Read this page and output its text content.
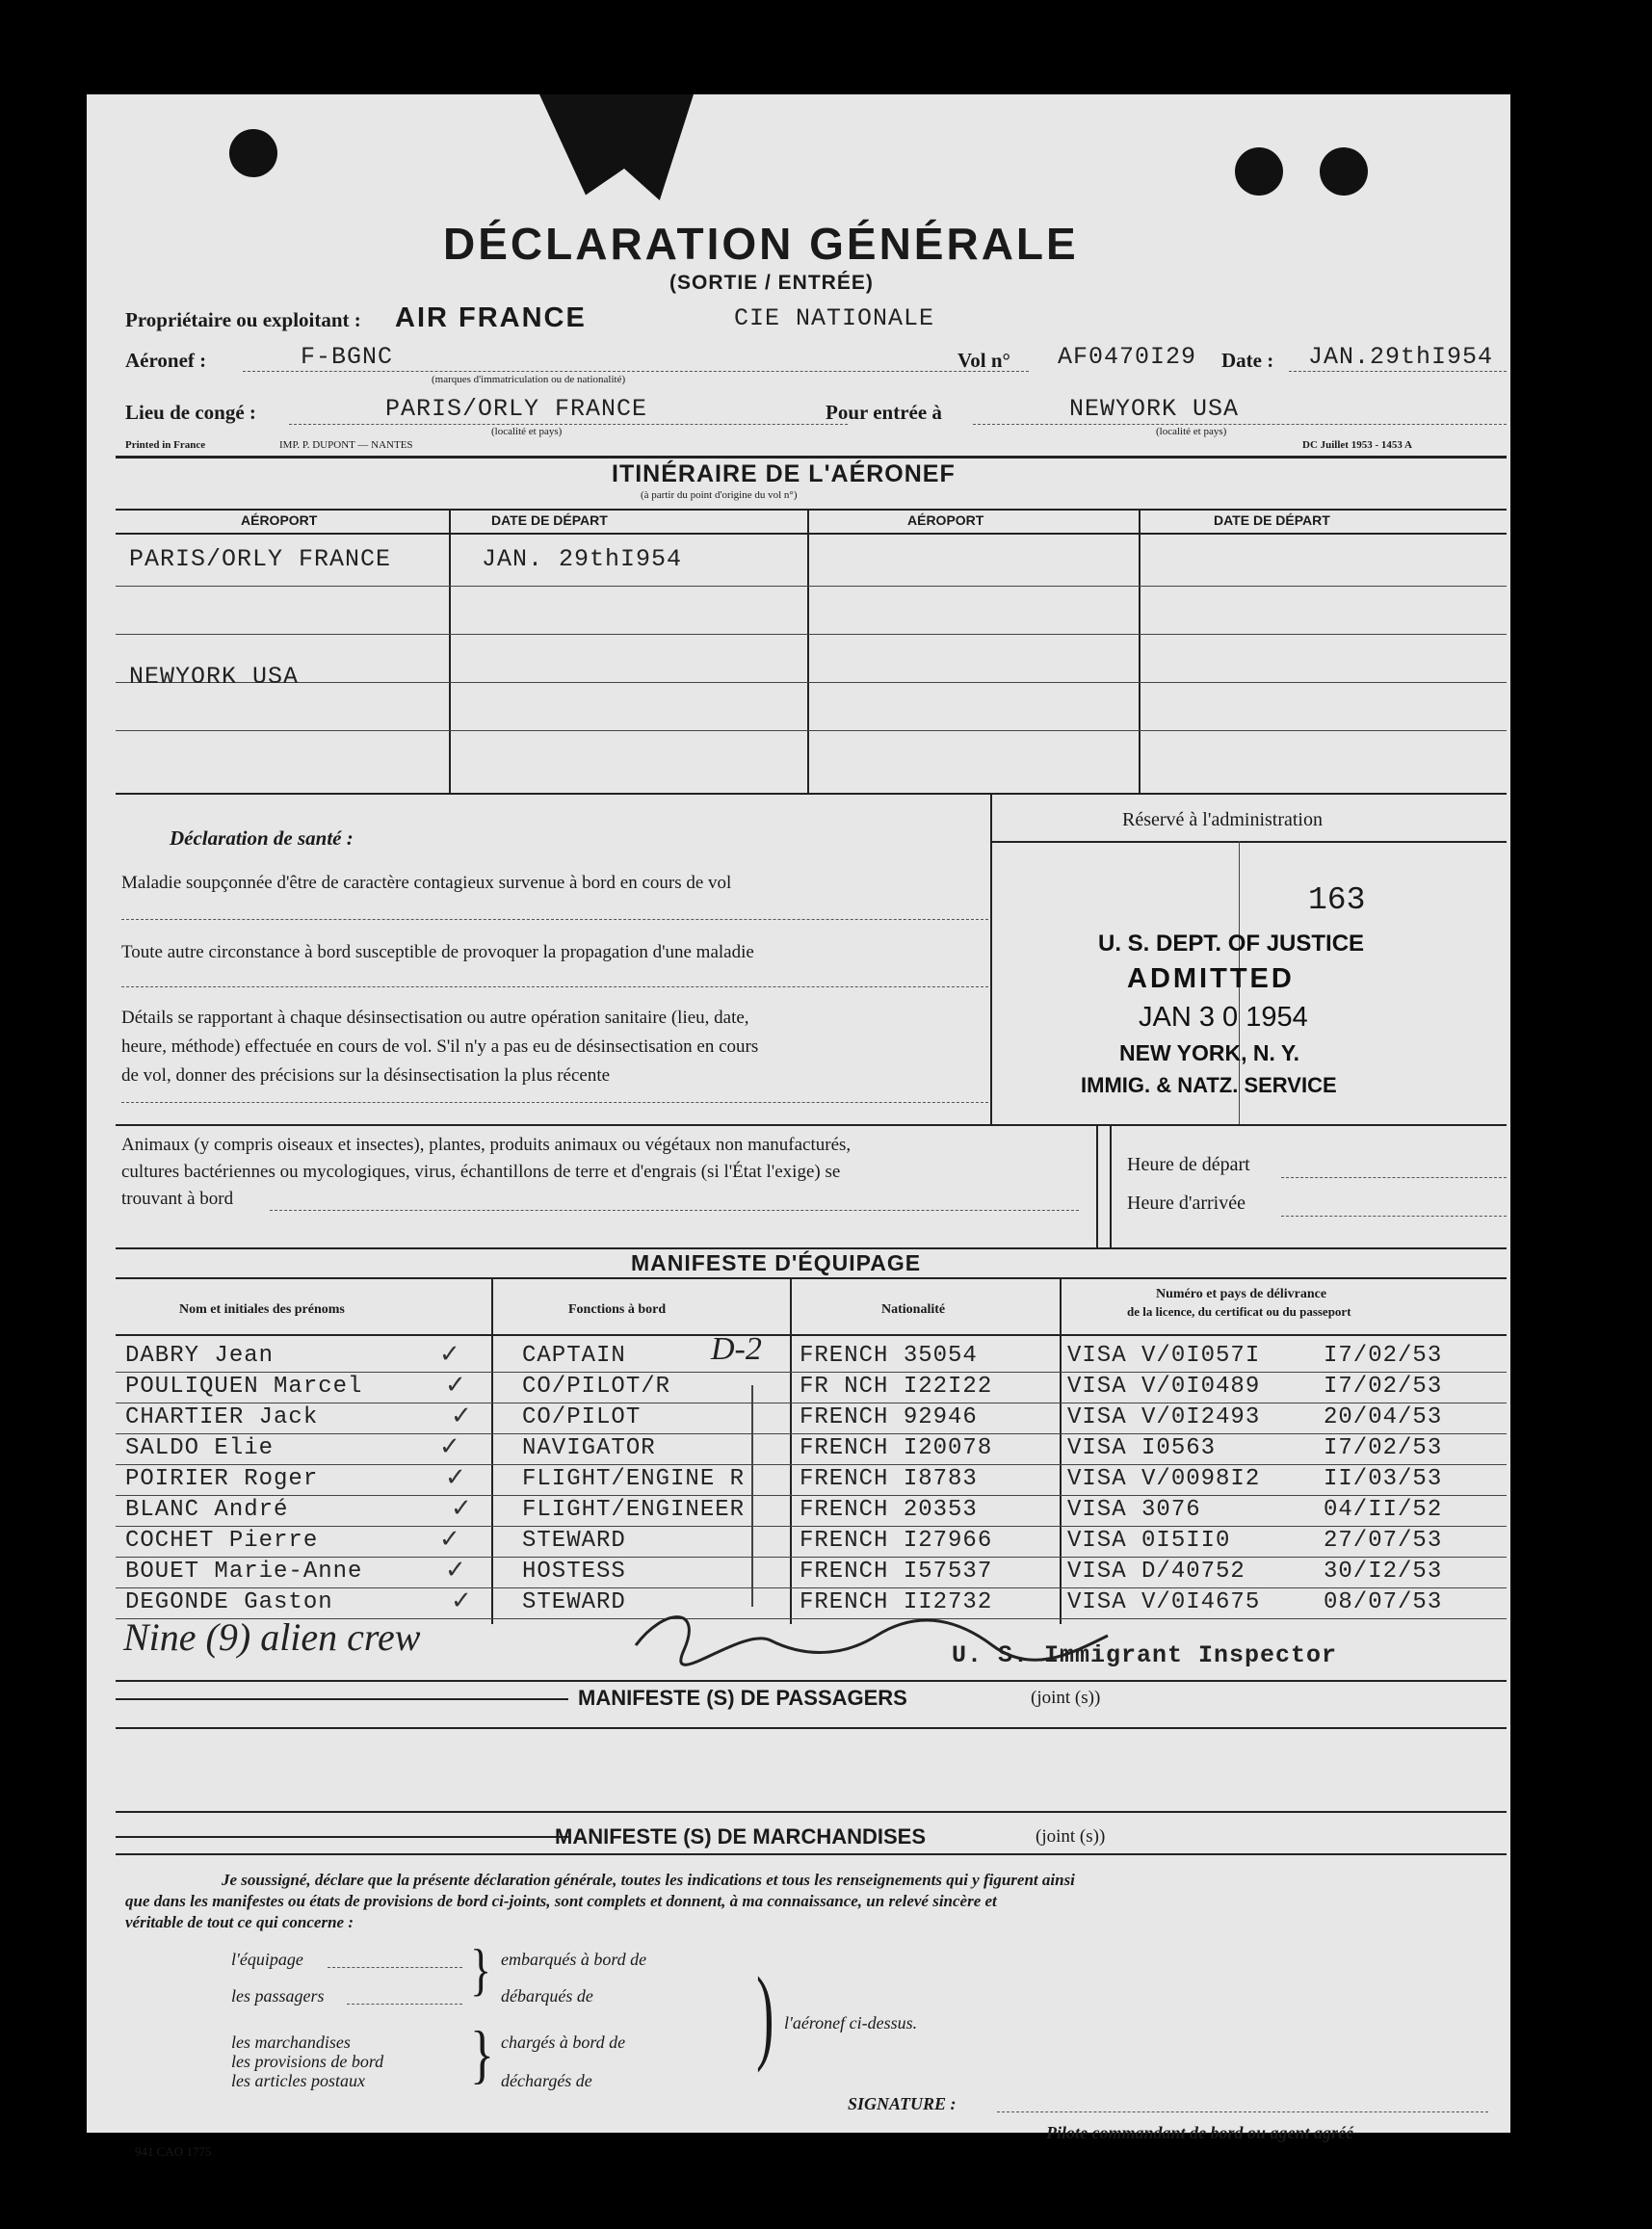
DÉCLARATION GÉNÉRALE
(SORTIE / ENTRÉE)
Propriétaire ou exploitant : AIR FRANCE	CIE NATIONALE
Aéronef :	F-BGNC
(marques d'immatriculation ou de nationalité)
Vol n° AF0470I29 Date : JAN.29thI954
Lieu de congé :	PARIS/ORLY FRANCE
(localité et pays)
Pour entrée à	NEWYORK USA
(localité et pays)
Printed in France	IMP. P. DUPONT — NANTES	DC Juillet 1953 - 1453 A
ITINÉRAIRE DE L'AÉRONEF
(à partir du point d'origine du vol n°)
AÉROPORT	DATE DE DÉPART	AÉROPORT	DATE DE DÉPART
PARIS/ORLY FRANCE	JAN. 29thI954
NEWYORK USA
Déclaration de santé :
Maladie soupçonnée d'être de caractère contagieux survenue à bord en cours de vol
Toute autre circonstance à bord susceptible de provoquer la propagation d'une maladie
Détails se rapportant à chaque désinsectisation ou autre opération sanitaire (lieu, date,
heure, méthode) effectuée en cours de vol. S'il n'y a pas eu de désinsectisation en cours
de vol, donner des précisions sur la désinsectisation la plus récente
Réservé à l'administration
163
U. S. DEPT. OF JUSTICE
ADMITTED
JAN 3 0 1954
NEW YORK, N. Y.
IMMIG. & NATZ. SERVICE
Animaux (y compris oiseaux et insectes), plantes, produits animaux ou végétaux non manufacturés,
cultures bactériennes ou mycologiques, virus, échantillons de terre et d'engrais (si l'État l'exige) se
trouvant à bord
Heure de départ
Heure d'arrivée
MANIFESTE D'ÉQUIPAGE
Nom et initiales des prénoms	Fonctions à bord	Nationalité
Numéro et pays de délivrance
de la licence, du certificat ou du passeport
DABRY Jean	CAPTAIN	FRENCH 35054	VISA V/0I057I	I7/02/53
✓
POULIQUEN Marcel	CO/PILOT/R	FR NCH I22I22	VISA V/0I0489	I7/02/53
✓
CHARTIER Jack	CO/PILOT	FRENCH 92946	VISA V/0I2493	20/04/53
✓
SALDO Elie	NAVIGATOR	FRENCH I20078	VISA I0563	I7/02/53
✓
POIRIER Roger	FLIGHT/ENGINE R FRENCH I8783	VISA V/0098I2	II/03/53
✓
BLANC André	FLIGHT/ENGINEER FRENCH 20353	VISA 3076	04/II/52
✓
COCHET Pierre	STEWARD	FRENCH I27966	VISA 0I5II0	27/07/53
✓
BOUET Marie-Anne	HOSTESS	FRENCH I57537	VISA D/40752	30/I2/53
✓
DEGONDE Gaston	STEWARD	FRENCH II2732	VISA V/0I4675	08/07/53
✓
D-2
Nine (9) alien crew	U. S. Immigrant Inspector
MANIFESTE (S) DE PASSAGERS	(joint (s))
MANIFESTE (S) DE MARCHANDISES	(joint (s))
Je soussigné, déclare que la présente déclaration générale, toutes les indications et tous les renseignements qui y figurent ainsi
que dans les manifestes ou états de provisions de bord ci-joints, sont complets et donnent, à ma connaissance, un relevé sincère et
véritable de tout ce qui concerne :
l'équipage
les passagers
les marchandises
les provisions de bord
les articles postaux
}
}
embarqués à bord de
débarqués de
chargés à bord de
déchargés de
) l'aéronef ci-dessus.
SIGNATURE :
Pilote commandant de bord ou agent agréé
941 CAO 1775
